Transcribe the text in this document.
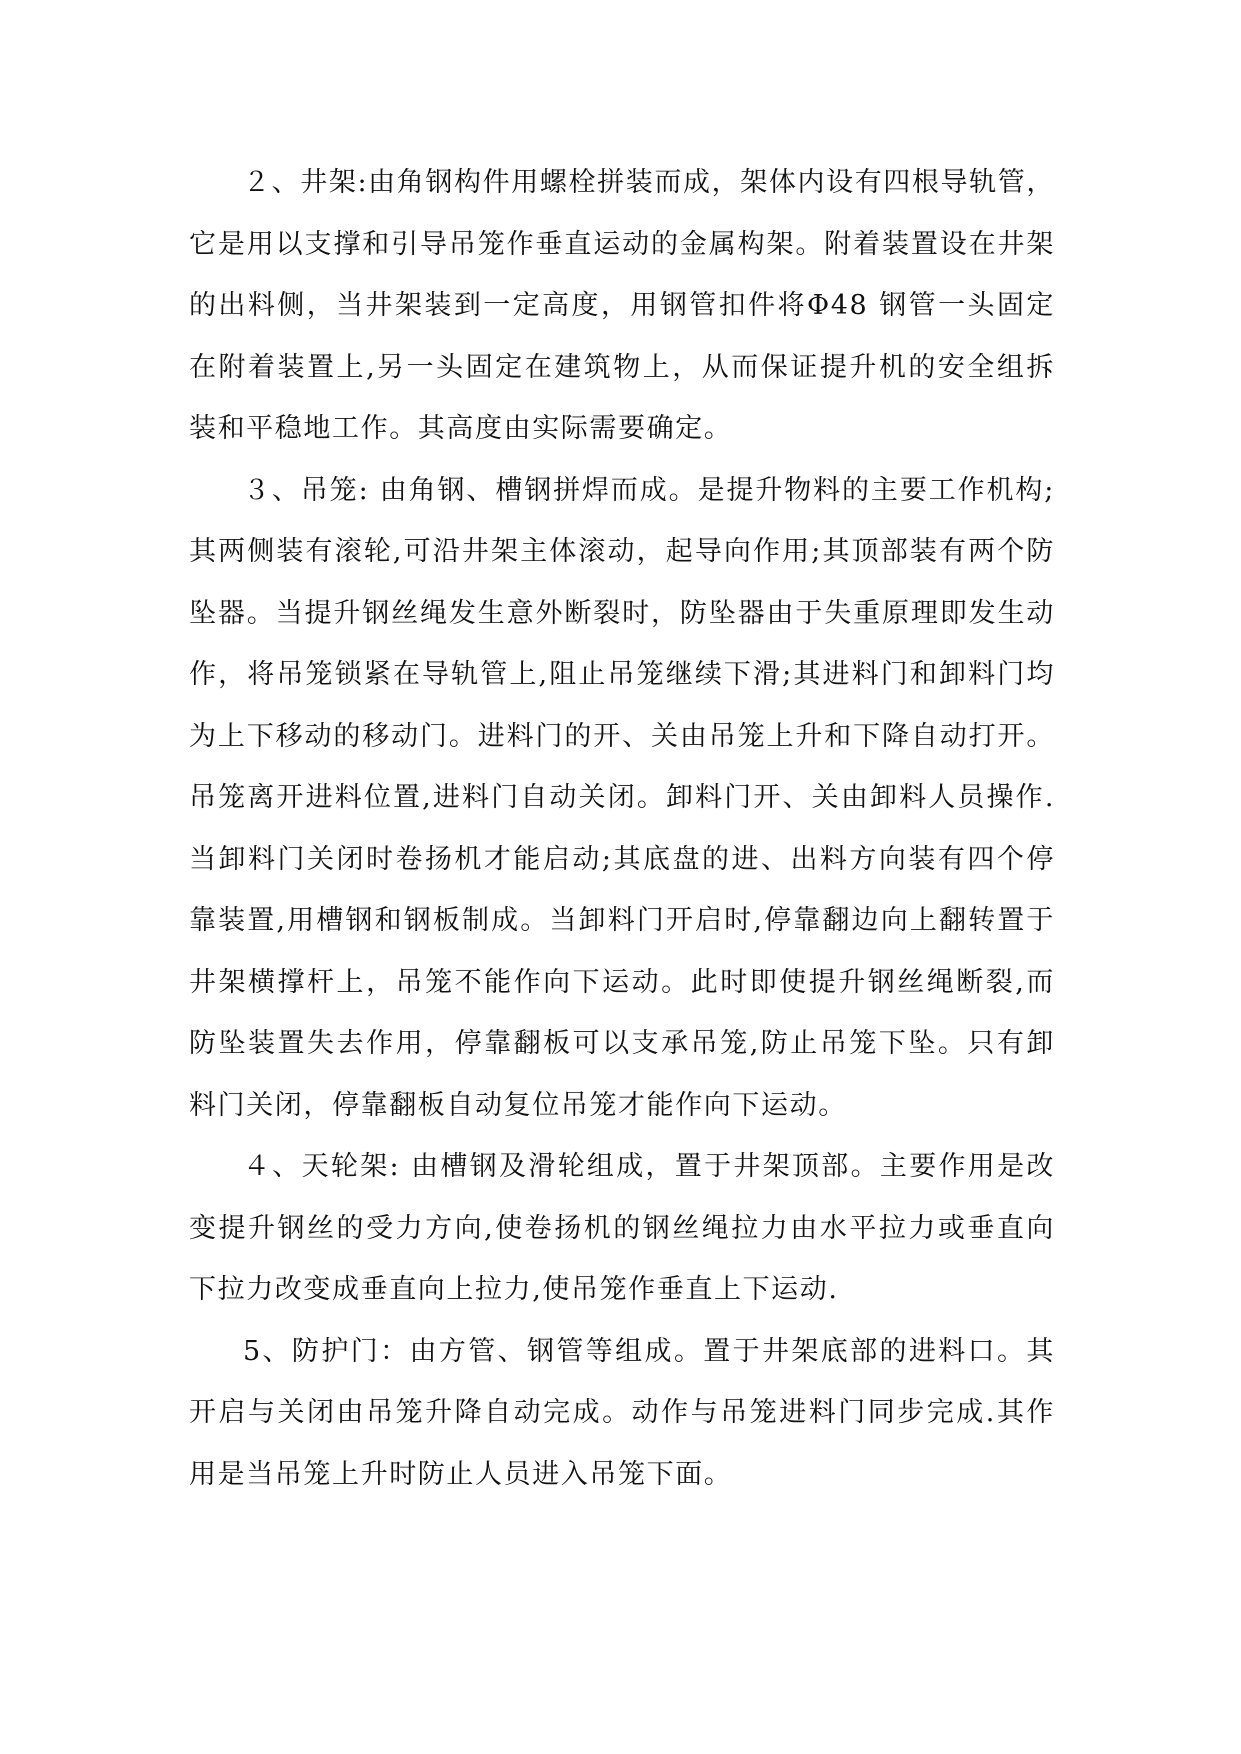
２、井架:由角钢构件用螺栓拼装而成，架体内设有四根导轨管，它是用以支撑和引导吊笼作垂直运动的金属构架。附着装置设在井架的出料侧，当井架装到一定高度，用钢管扣件将Φ48 钢管一头固定在附着装置上,另一头固定在建筑物上，从而保证提升机的安全组拆装和平稳地工作。其高度由实际需要确定。

３、吊笼: 由角钢、槽钢拼焊而成。是提升物料的主要工作机构;其两侧装有滚轮,可沿井架主体滚动，起导向作用;其顶部装有两个防坠器。当提升钢丝绳发生意外断裂时，防坠器由于失重原理即发生动作，将吊笼锁紧在导轨管上,阻止吊笼继续下滑;其进料门和卸料门均为上下移动的移动门。进料门的开、关由吊笼上升和下降自动打开。吊笼离开进料位置,进料门自动关闭。卸料门开、关由卸料人员操作.当卸料门关闭时卷扬机才能启动;其底盘的进、出料方向装有四个停靠装置,用槽钢和钢板制成。当卸料门开启时,停靠翻边向上翻转置于井架横撑杆上，吊笼不能作向下运动。此时即使提升钢丝绳断裂,而防坠装置失去作用，停靠翻板可以支承吊笼,防止吊笼下坠。只有卸料门关闭，停靠翻板自动复位吊笼才能作向下运动。

４、天轮架: 由槽钢及滑轮组成，置于井架顶部。主要作用是改变提升钢丝的受力方向,使卷扬机的钢丝绳拉力由水平拉力或垂直向下拉力改变成垂直向上拉力,使吊笼作垂直上下运动.

5、防护门：由方管、钢管等组成。置于井架底部的进料口。其开启与关闭由吊笼升降自动完成。动作与吊笼进料门同步完成.其作用是当吊笼上升时防止人员进入吊笼下面。
